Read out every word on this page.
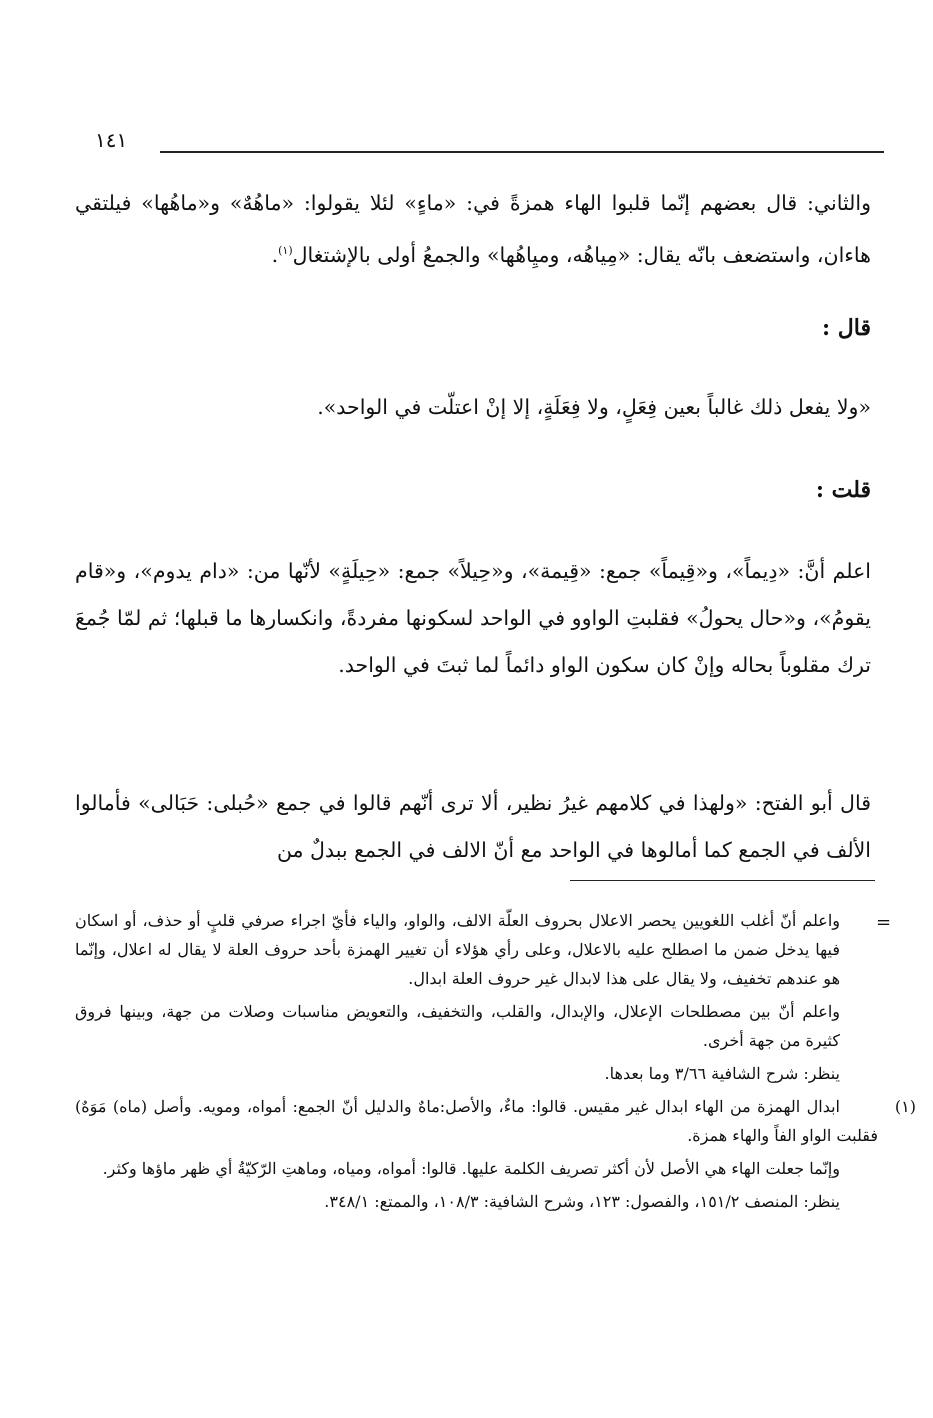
١٤١

والثاني: قال بعضهم إنّما قلبوا الهاء همزةً في: «ماءٍ» لئلا يقولوا: «ماهُهٌ» و«ماهُها» فيلتقي هاءان، واستضعف بانّه يقال: «مِياهُه، وميِاهُها» والجمعُ أولى بالإشتغال$^{(١)}$.

قال :
«ولا يفعل ذلك غالباً بعين فِعَلٍ، ولا فِعَلَةٍ، إلا إنْ اعتلّت في الواحد».
قلت :

اعلم أنَّ: «دِيماً»، و«قِيماً» جمع: «قِيمة»، و«حِيلاً» جمع: «حِيلَةٍ» لأنّها من: «دام يدوم»، و«قام يقومُ»، و«حال يحولُ» فقلبتِ الواوو في الواحد لسكونها مفردةً، وانكسارها ما قبلها؛ ثم لمّا جُمعَ ترك مقلوباً بحاله وإنْ كان سكون الواو دائماً لما ثبتَ في الواحد.

قال أبو الفتح: «ولهذا في كلامهم غيرُ نظير، ألا ترى أنّهم قالوا في جمع «حُبلى: حَبَالى» فأمالوا الألف في الجمع كما أمالوها في الواحد مع أنّ الالف في الجمع ببدلٌ من

=

واعلم أنّ أغلب اللغويين يحصر الاعلال بحروف العلّة الالف، والواو، والياء فأيّ اجراء صرفي قلبٍ أو حذف، أو اسكان فيها يدخل ضمن ما اصطلح عليه بالاعلال، وعلى رأي هؤلاء أن تغيير الهمزة بأحد حروف العلة لا يقال له اعلال، وإنّما هو عندهم تخفيف، ولا يقال على هذا لابدال غير حروف العلة ابدال.

واعلم أنّ بين مصطلحات الإعلال، والإبدال، والقلب، والتخفيف، والتعويض مناسبات وصلات من جهة، وبينها فروق كثيرة من جهة أخرى.

ينظر: شرح الشافية ٣/٦٦ وما بعدها.

(١)ابدال الهمزة من الهاء ابدال غير مقيس. قالوا: ماءٌ، والأصل:ماهٌ والدليل أنّ الجمع: أمواه، ومويه. وأصل (ماه) مَوَهٌ) فقلبت الواو الفاً والهاء همزة.

وإنّما جعلت الهاء هي الأصل لأن أكثر تصريف الكلمة عليها. قالوا: أمواه، ومياه، وماهتِ الرّكيّةُ أي ظهر ماؤها وكثر.

ينظر: المنصف ١٥١/٢، والفصول: ١٢٣، وشرح الشافية: ١٠٨/٣، والممتع: ٣٤٨/١.
